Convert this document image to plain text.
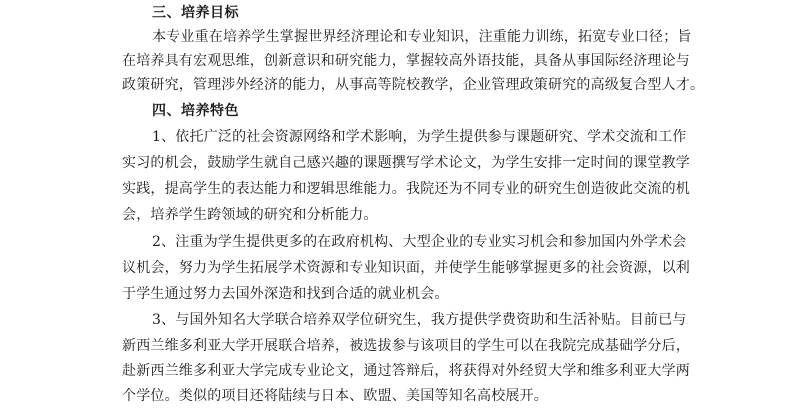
三、培养目标
本专业重在培养学生掌握世界经济理论和专业知识，注重能力训练，拓宽专业口径；旨
在培养具有宏观思维，创新意识和研究能力，掌握较高外语技能，具备从事国际经济理论与
政策研究，管理涉外经济的能力，从事高等院校教学，企业管理政策研究的高级复合型人才。
四、培养特色
1、依托广泛的社会资源网络和学术影响，为学生提供参与课题研究、学术交流和工作
实习的机会，鼓励学生就自己感兴趣的课题撰写学术论文，为学生安排一定时间的课堂教学
实践，提高学生的表达能力和逻辑思维能力。我院还为不同专业的研究生创造彼此交流的机
会，培养学生跨领域的研究和分析能力。
2、注重为学生提供更多的在政府机构、大型企业的专业实习机会和参加国内外学术会
议机会，努力为学生拓展学术资源和专业知识面，并使学生能够掌握更多的社会资源，以利
于学生通过努力去国外深造和找到合适的就业机会。
3、与国外知名大学联合培养双学位研究生，我方提供学费资助和生活补贴。目前已与
新西兰维多利亚大学开展联合培养，被选拔参与该项目的学生可以在我院完成基础学分后，
赴新西兰维多利亚大学完成专业论文，通过答辩后，将获得对外经贸大学和维多利亚大学两
个学位。类似的项目还将陆续与日本、欧盟、美国等知名高校展开。
